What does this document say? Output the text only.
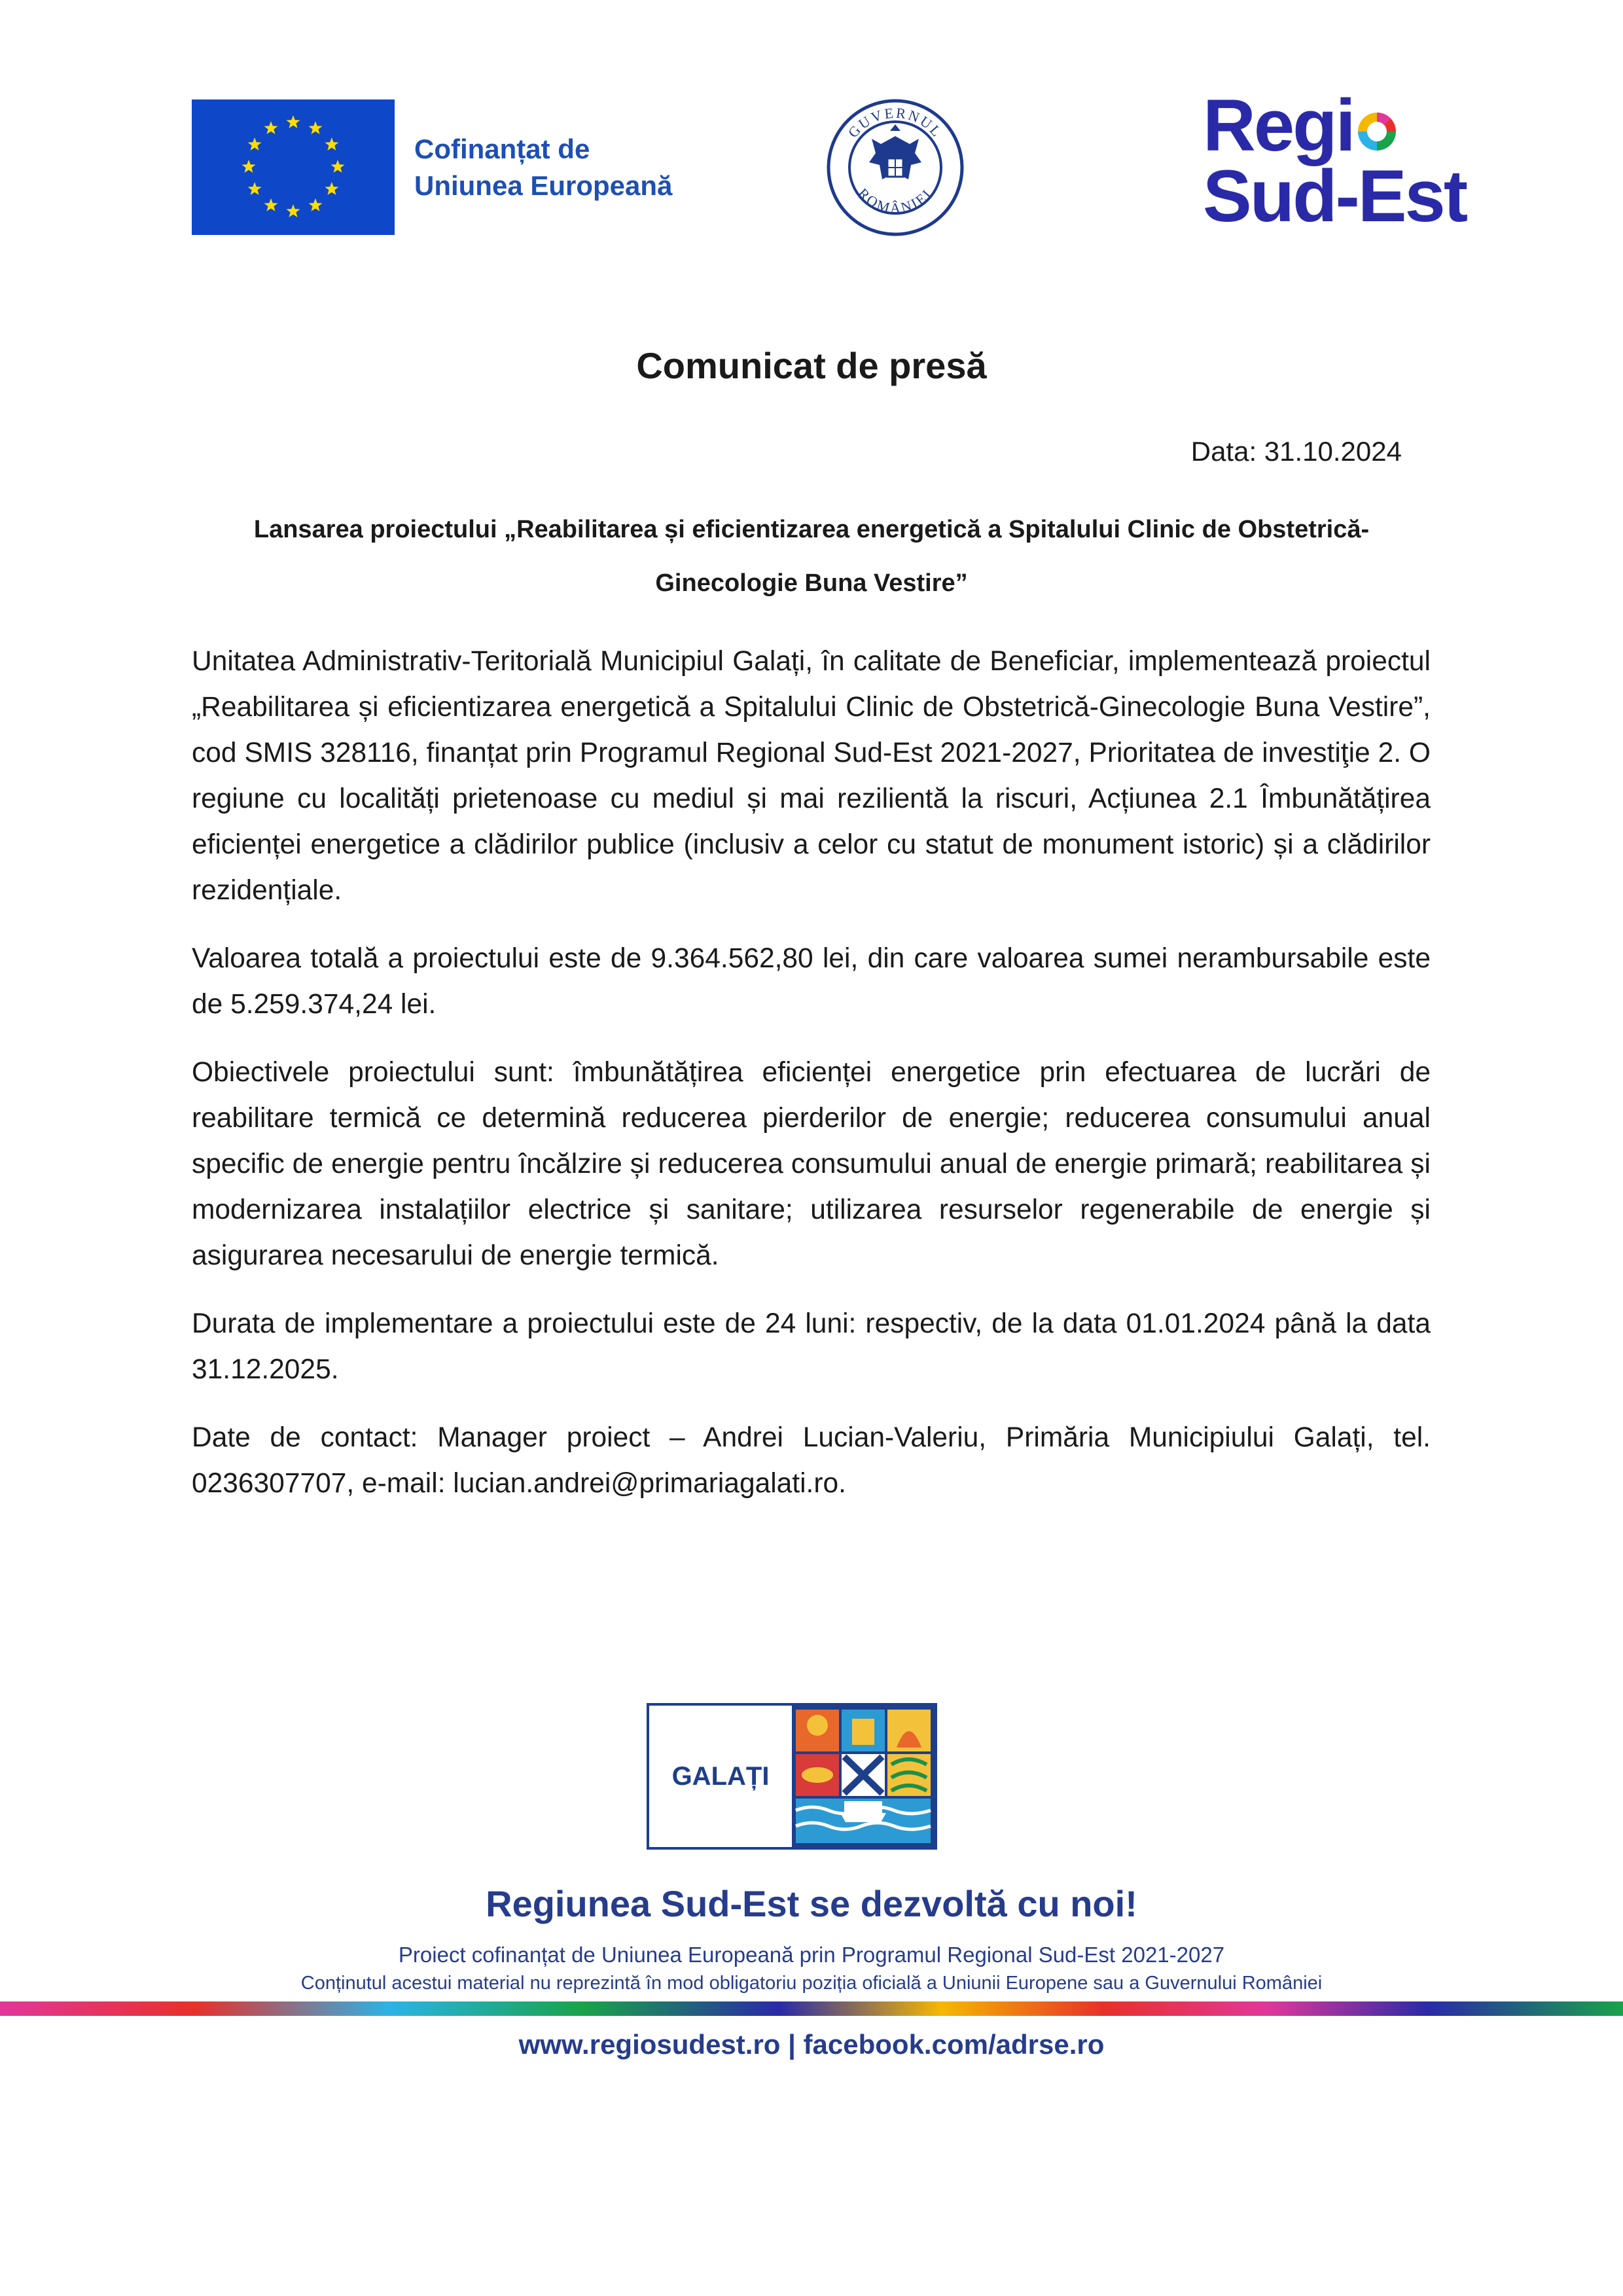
Cofinanțat de
Uniunea Europeană
GUVERNUL
ROMÂNIEI
Regi
Sud-Est
Comunicat de presă
Data: 31.10.2024
Lansarea proiectului „Reabilitarea și eficientizarea energetică a Spitalului Clinic de Obstetrică-
Ginecologie Buna Vestire”

Unitatea Administrativ-Teritorială Municipiul Galați, în calitate de Beneficiar, implementează proiectul „Reabilitarea și eficientizarea energetică a Spitalului Clinic de Obstetrică-Ginecologie Buna Vestire”, cod SMIS 328116, finanțat prin Programul Regional Sud-Est 2021-2027, Prioritatea de investiţie 2. O regiune cu localități prietenoase cu mediul și mai rezilientă la riscuri, Acțiunea 2.1 Îmbunătățirea eficienței energetice a clădirilor publice (inclusiv a celor cu statut de monument istoric) și a clădirilor rezidențiale.

Valoarea totală a proiectului este de 9.364.562,80 lei, din care valoarea sumei nerambursabile este de 5.259.374,24 lei.

Obiectivele proiectului sunt: îmbunătățirea eficienței energetice prin efectuarea de lucrări de reabilitare termică ce determină reducerea pierderilor de energie; reducerea consumului anual specific de energie pentru încălzire și reducerea consumului anual de energie primară; reabilitarea și modernizarea instalațiilor electrice și sanitare; utilizarea resurselor regenerabile de energie și asigurarea necesarului de energie termică.

Durata de implementare a proiectului este de 24 luni: respectiv, de la data 01.01.2024 până la data 31.12.2025.

Date de contact: Manager proiect – Andrei Lucian-Valeriu, Primăria Municipiului Galați, tel. 0236307707, e-mail: lucian.andrei@primariagalati.ro.

GALAȚI
Regiunea Sud-Est se dezvoltă cu noi!
Proiect cofinanțat de Uniunea Europeană prin Programul Regional Sud-Est 2021-2027
Conținutul acestui material nu reprezintă în mod obligatoriu poziția oficială a Uniunii Europene sau a Guvernului României
www.regiosudest.ro | facebook.com/adrse.ro
